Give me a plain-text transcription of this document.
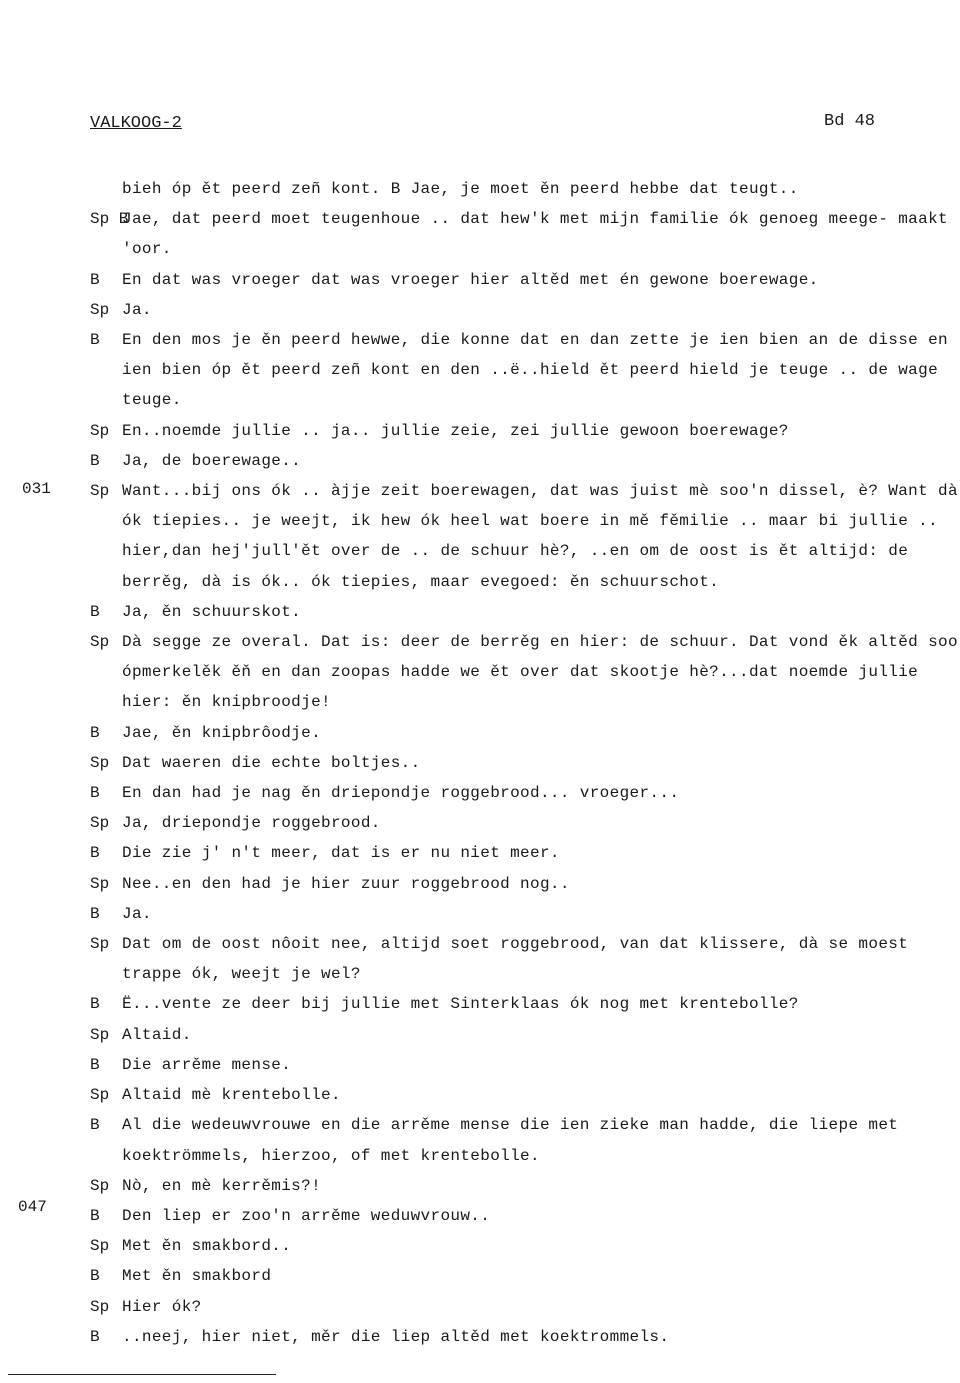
VALKOOG-2	Bd 48
031
047
bieh óp ět peerd zeñ kont. B Jae, je moet ěn peerd hebbe dat teugt..
Sp B
Jae, dat peerd moet teugenhoue .. dat hew'k met mijn familie ók genoeg meege- maakt 'oor.
B En dat was vroeger dat was vroeger hier altěd met én gewone boerewage.
Sp Ja.
B En den mos je ěn peerd hewwe, die konne dat en dan zette je ien bien an de disse en ien bien óp ět peerd zeñ kont en den ..ë..hield ět peerd hield je teuge .. de wage teuge.
Sp En..noemde jullie .. ja.. jullie zeie, zei jullie gewoon boerewage?
B Ja, de boerewage..
Sp Want...bij ons ók .. àjje zeit boerewagen, dat was juist mè soo'n dissel, è? Want dà ók tiepies.. je weejt, ik hew ók heel wat boere in mě fěmilie .. maar bi jullie .. hier,dan hej'jull'ět over de .. de schuur hè?, ..en om de oost is ět altijd: de berrěg, dà is ók.. ók tiepies, maar evegoed: ěn schuurschot.
B Ja, ěn schuurskot.
Sp Dà segge ze overal. Dat is: deer de berrěg en hier: de schuur. Dat vond ěk altěd soo ópmerkelěk ěň en dan zoopas hadde we ět over dat skootje hè?...dat noemde jullie hier: ěn knipbroodje!
B Jae, ěn knipbrôodje.
Sp Dat waeren die echte boltjes..
B En dan had je nag ěn driepondje roggebrood... vroeger...
Sp Ja, driepondje roggebrood.
B Die zie j' n't meer, dat is er nu niet meer.
Sp Nee..en den had je hier zuur roggebrood nog..
B Ja.
Sp Dat om de oost nôoit nee, altijd soet roggebrood, van dat klissere, dà se moest trappe ók, weejt je wel?
B Ë...vente ze deer bij jullie met Sinterklaas ók nog met krentebolle?
Sp Altaid.
B Die arrěme mense.
Sp Altaid mè krentebolle.
B Al die wedeuwvrouwe en die arrěme mense die ien zieke man hadde, die liepe met koektrömmels, hierzoo, of met krentebolle.
Sp Nò, en mè kerrěmis?!
B Den liep er zoo'n arrěme weduwvrouw..
Sp Met ěn smakbord..
B Met ěn smakbord
Sp Hier ók?
B ..neej, hier niet, měr die liep altěd met koektrommels.
